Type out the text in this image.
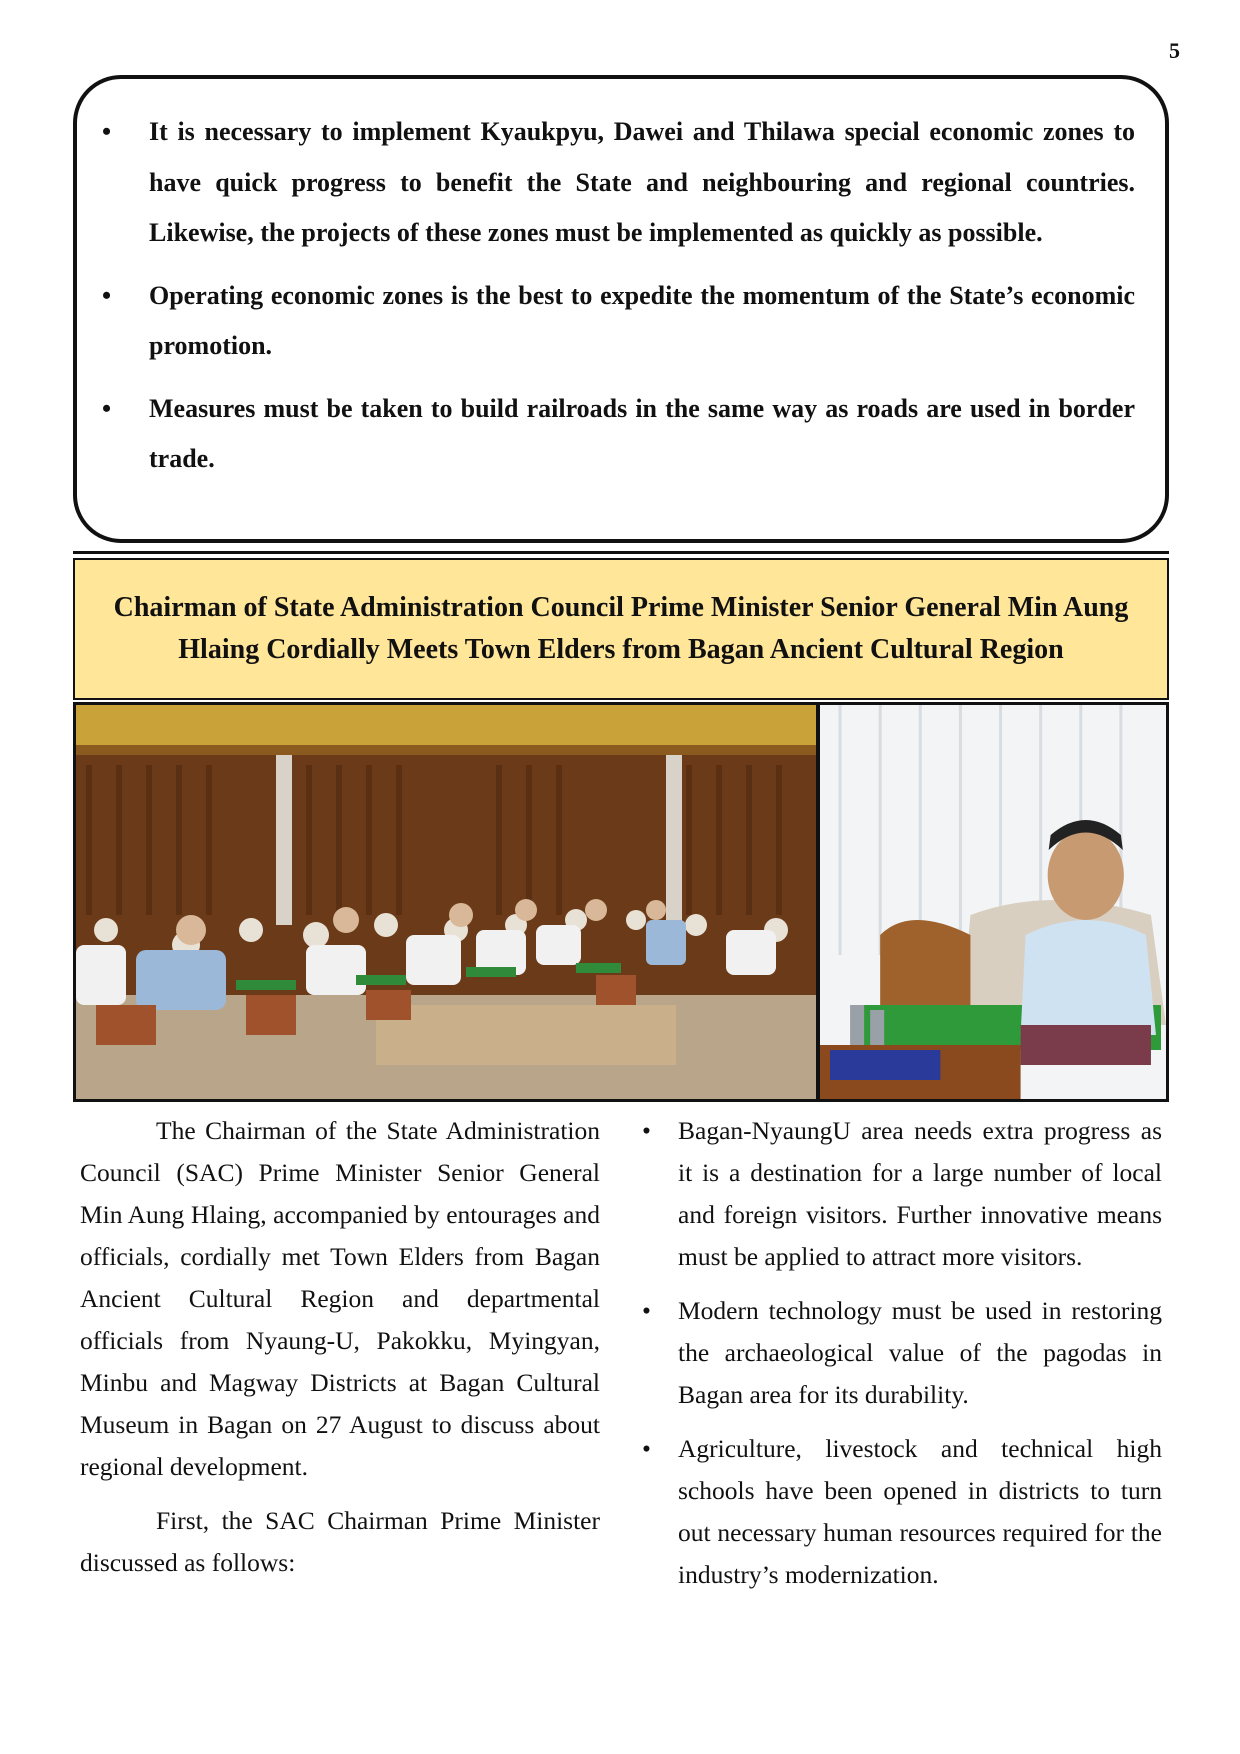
5
• It is necessary to implement Kyaukpyu, Dawei and Thilawa special economic zones to have quick progress to benefit the State and neighbouring and regional countries. Likewise, the projects of these zones must be implemented as quickly as possible.
• Operating economic zones is the best to expedite the momentum of the State’s economic promotion.
• Measures must be taken to build railroads in the same way as roads are used in border trade.
Chairman of State Administration Council Prime Minister Senior General Min Aung Hlaing Cordially Meets Town Elders from Bagan Ancient Cultural Region

The Chairman of the State Administration Council (SAC) Prime Minister Senior General Min Aung Hlaing, accompanied by entourages and officials, cordially met Town Elders from Bagan Ancient Cultural Region and departmental officials from Nyaung-U, Pakokku, Myingyan, Minbu and Magway Districts at Bagan Cultural Museum in Bagan on 27 August to discuss about regional development.

First, the SAC Chairman Prime Minister discussed as follows:

• Bagan-NyaungU area needs extra progress as it is a destination for a large number of local and foreign visitors. Further innovative means must be applied to attract more visitors.
• Modern technology must be used in restoring the archaeological value of the pagodas in Bagan area for its durability.
• Agriculture, livestock and technical high schools have been opened in districts to turn out necessary human resources required for the industry’s modernization.
